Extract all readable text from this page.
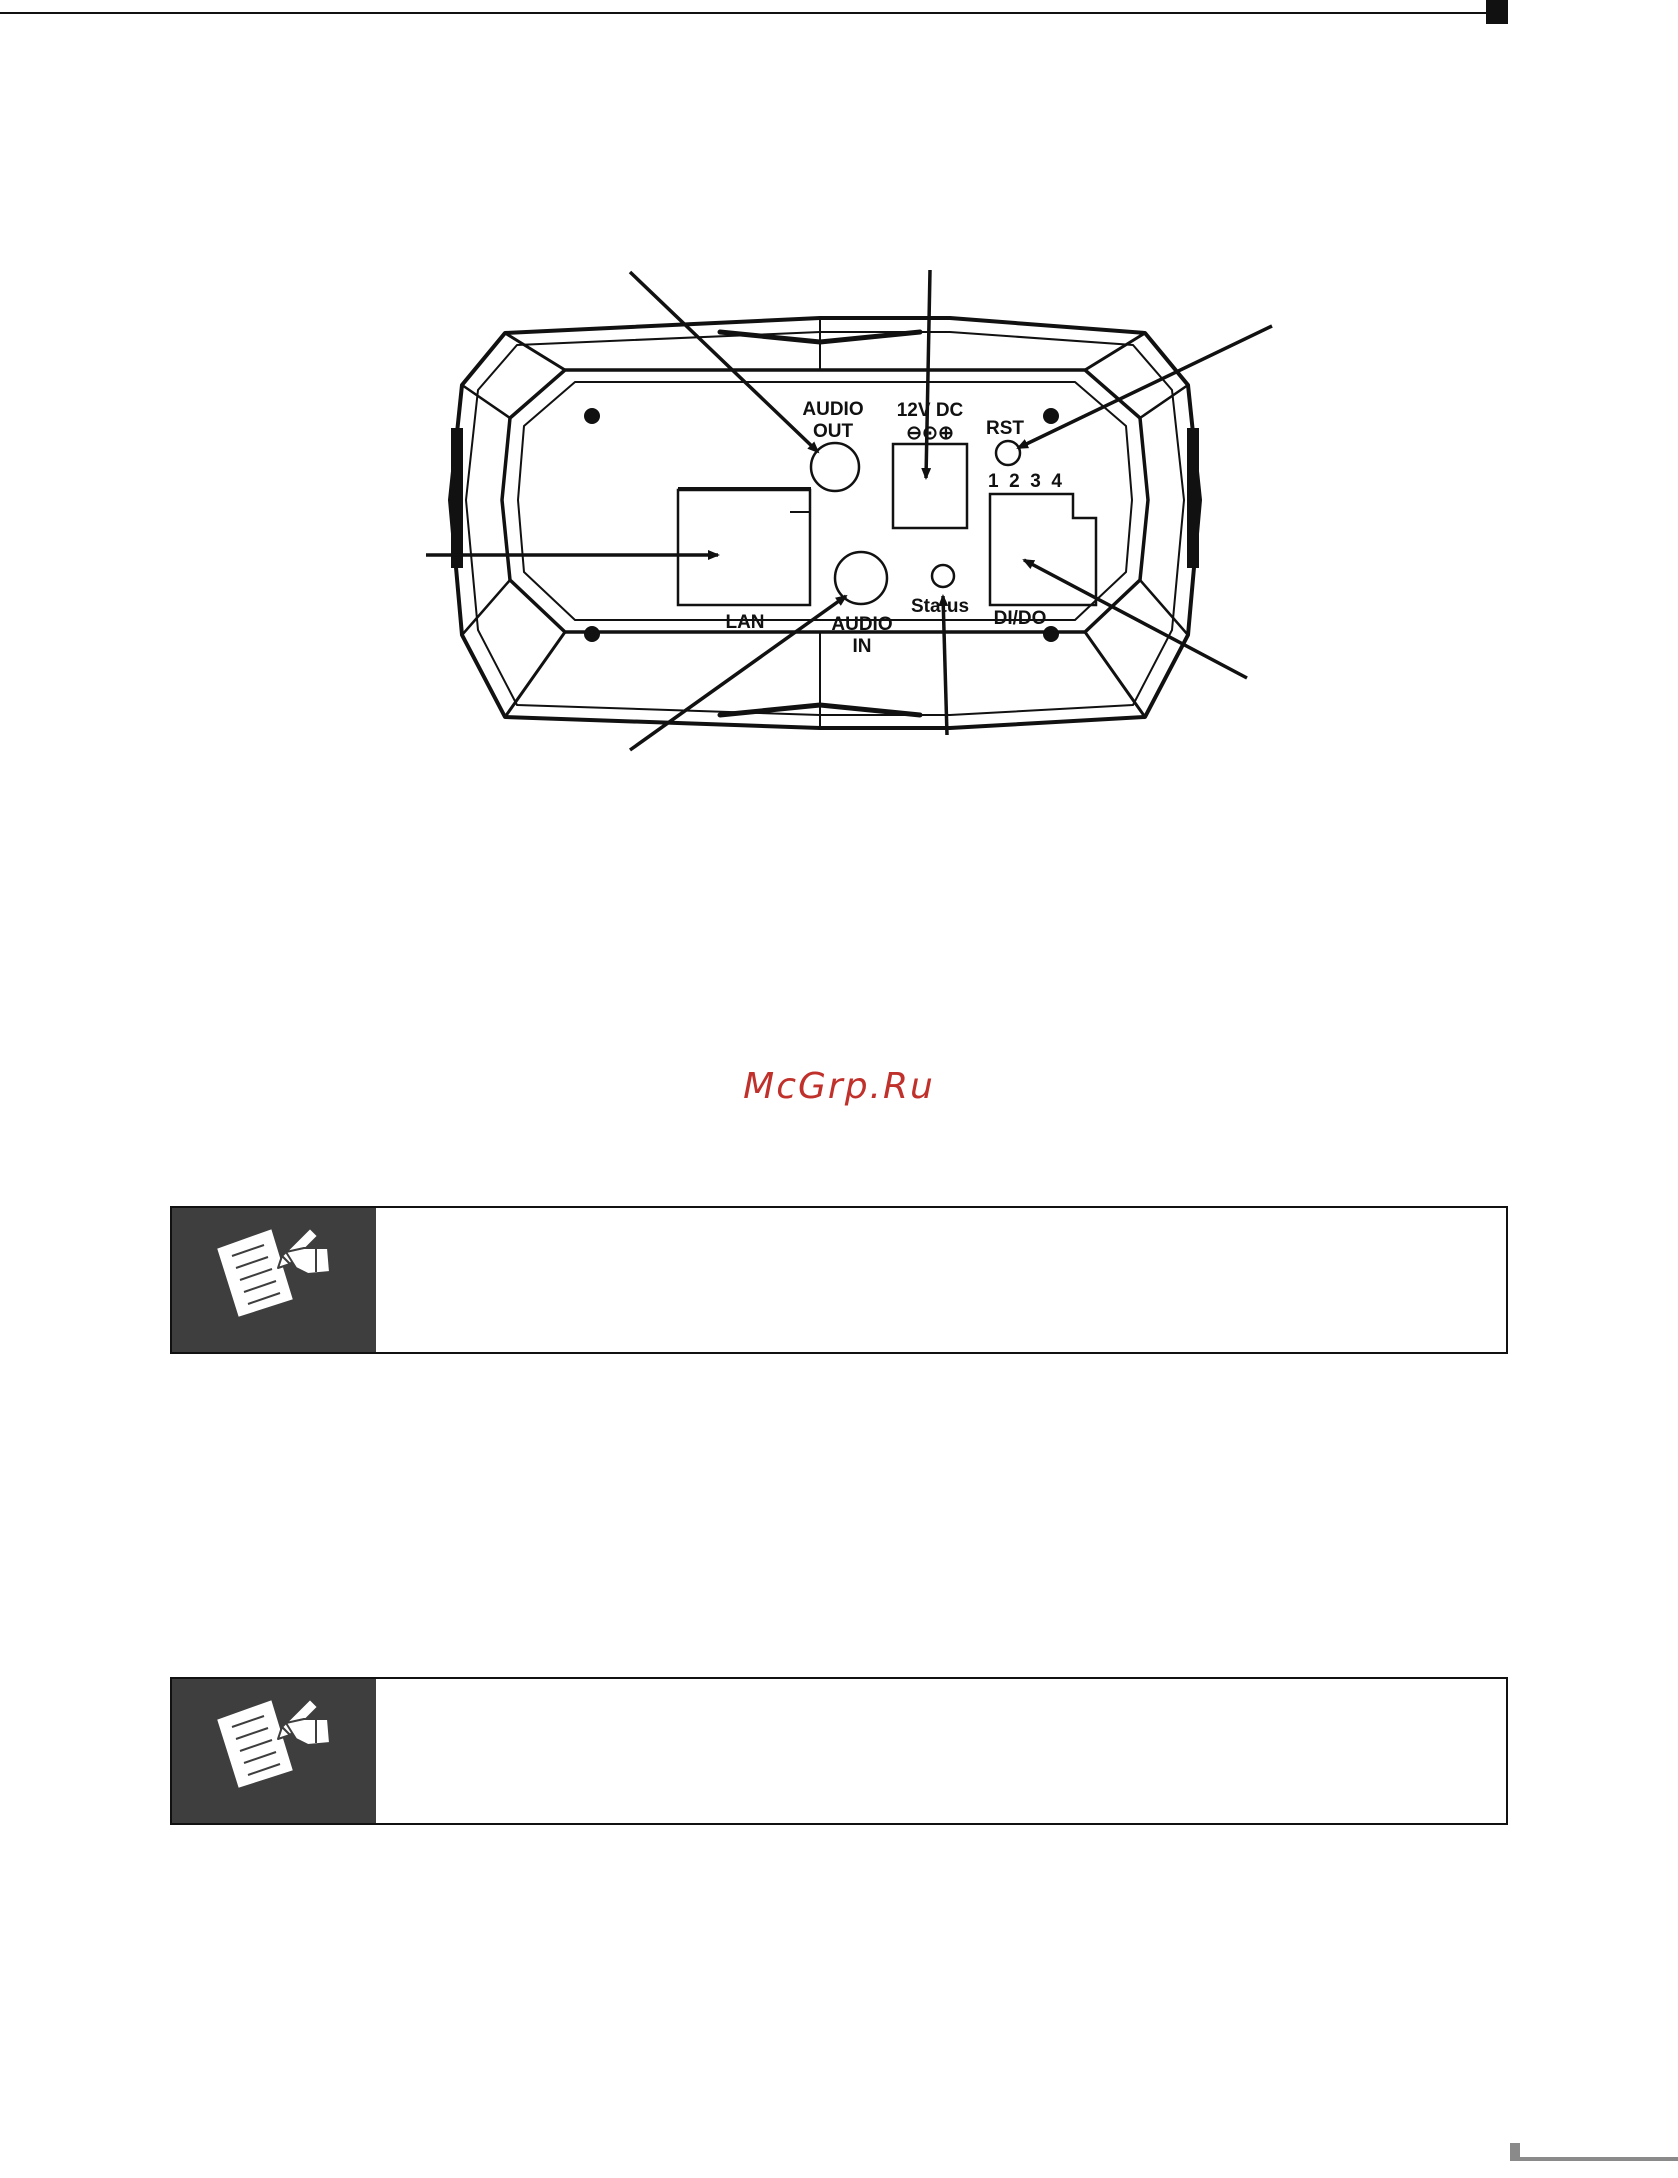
AUDIO
OUT
12V DC
⊖⊙⊕ RST
1  2  3  4
LAN	AUDIO
IN
Status
DI/DO
McGrp.Ru
